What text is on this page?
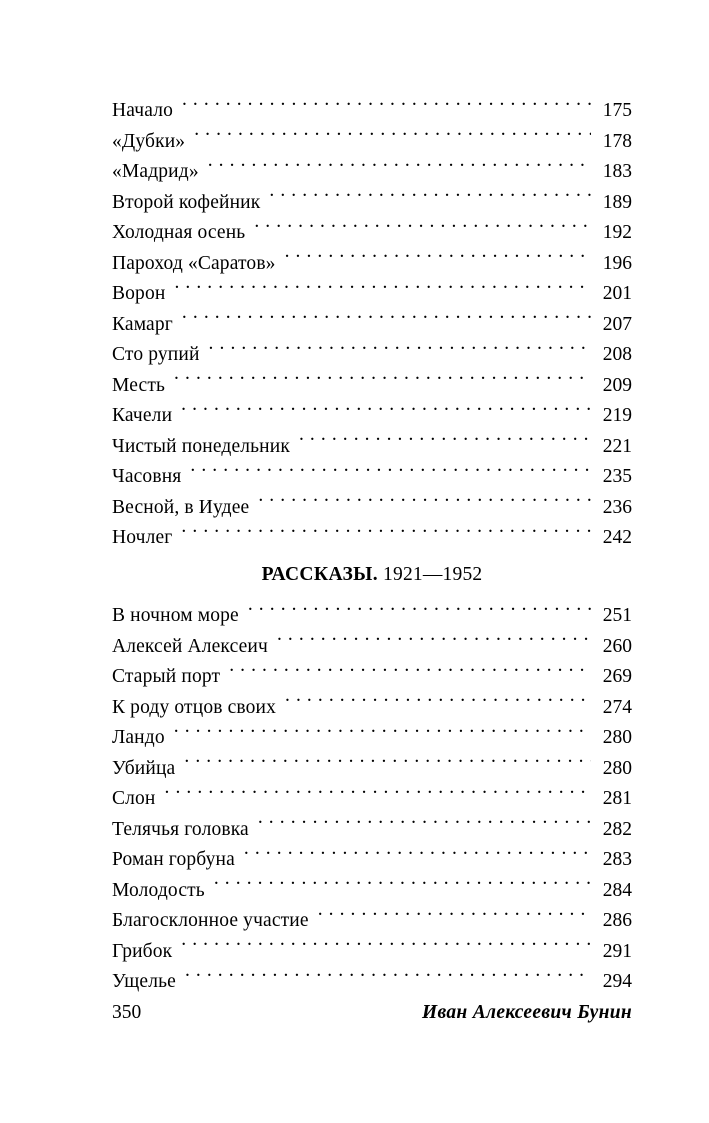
Начало . . .	175
«Дубки» . . .	178
«Мадрид» . . .	183
Второй кофейник . . .	189
Холодная осень . . .	192
Пароход «Саратов» . . .	196
Ворон . . .	201
Камарг . . .	207
Сто рупий . . .	208
Месть . . .	209
Качели . . .	219
Чистый понедельник . . .	221
Часовня . . .	235
Весной, в Иудее . . .	236
Ночлег . . .	242
РАССКАЗЫ. 1921—1952
В ночном море . . .	251
Алексей Алексеич . . .	260
Старый порт . . .	269
К роду отцов своих . . .	274
Ландо . . .	280
Убийца . . .	280
Слон . . .	281
Телячья головка . . .	282
Роман горбуна . . .	283
Молодость . . .	284
Благосклонное участие . . .	286
Грибок . . .	291
Ущелье . . .	294
350	Иван Алексеевич Бунин
